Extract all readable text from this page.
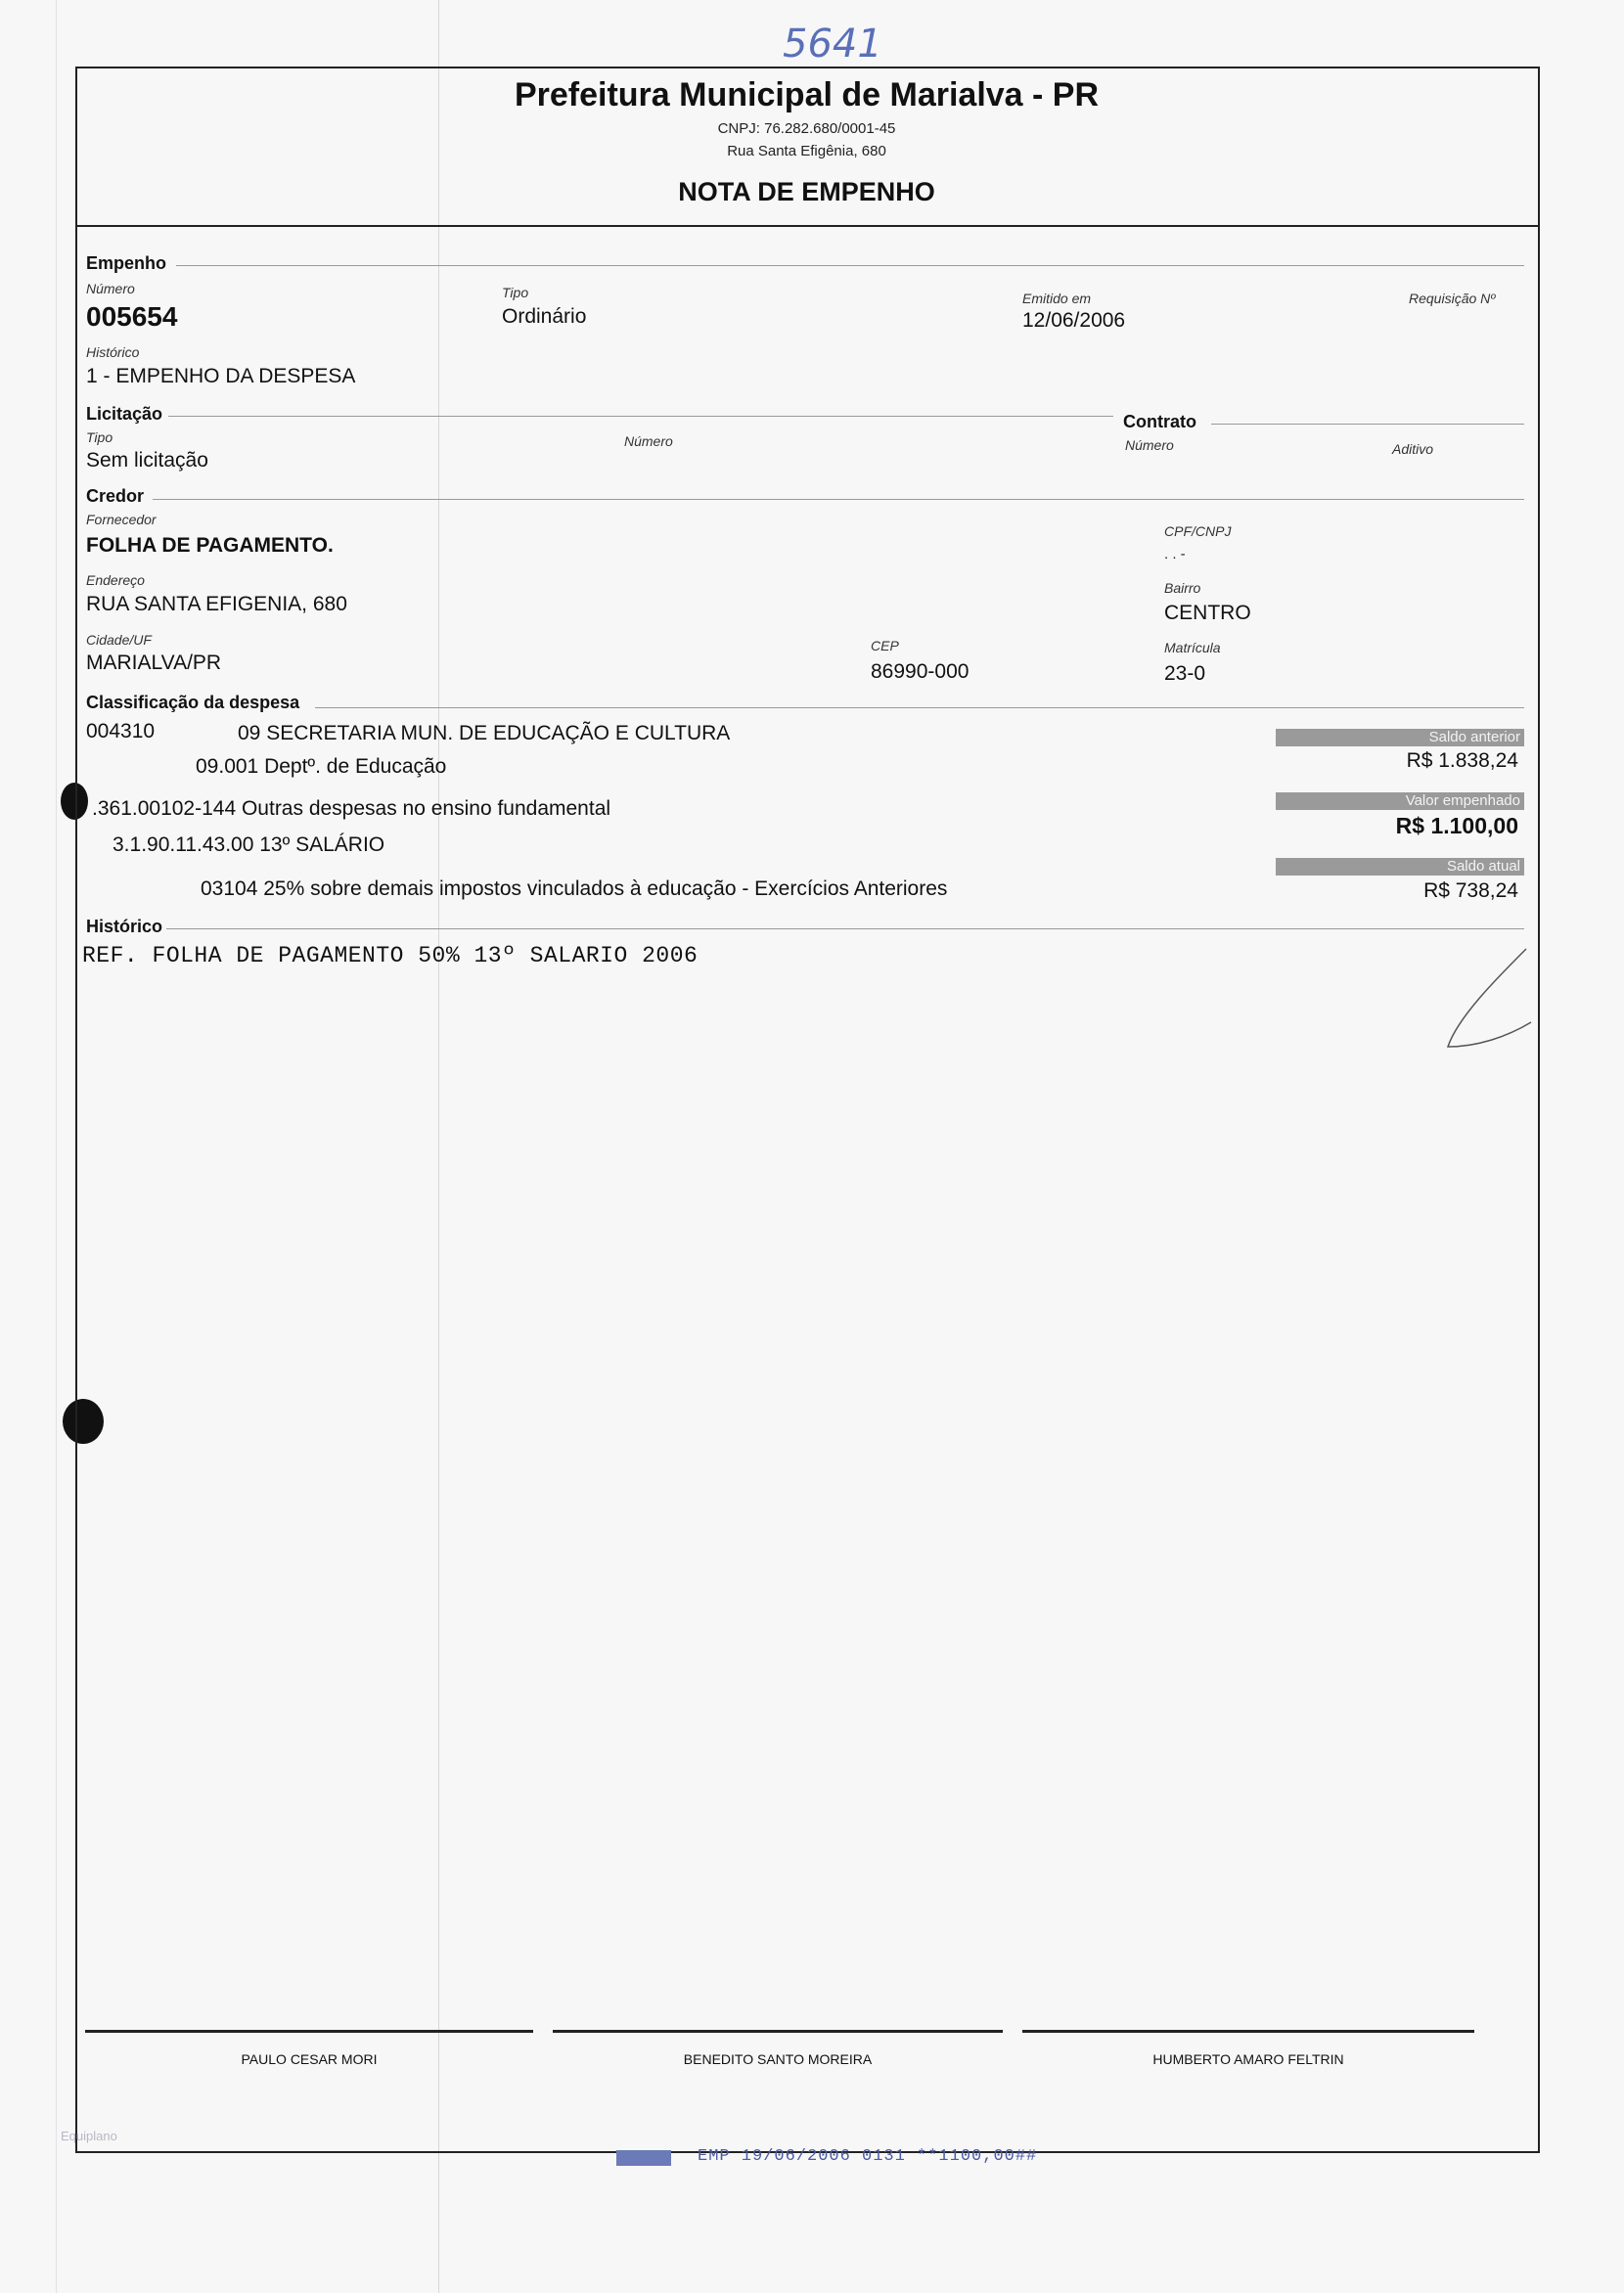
5641
Prefeitura Municipal de Marialva - PR
CNPJ: 76.282.680/0001-45
Rua Santa Efigênia, 680
NOTA DE EMPENHO
Empenho
Número
005654
Tipo
Ordinário
Emitido em
12/06/2006
Requisição Nº
Histórico
1 - EMPENHO DA DESPESA
Licitação
Tipo
Sem licitação
Número
Contrato
Número	Aditivo
Credor
Fornecedor
FOLHA DE PAGAMENTO.
CPF/CNPJ
. . -
Endereço
RUA SANTA EFIGENIA, 680
Bairro
CENTRO
Cidade/UF
MARIALVA/PR
CEP
86990-000
Matrícula
23-0
Classificação da despesa
004310	09 SECRETARIA MUN. DE EDUCAÇÃO E CULTURA
09.001 Deptº. de Educação
.361.00102-144 Outras despesas no ensino fundamental
3.1.90.11.43.00 13º SALÁRIO
03104 25% sobre demais impostos vinculados à educação - Exercícios Anteriores
Saldo anterior
R$ 1.838,24
Valor empenhado
R$ 1.100,00
Saldo atual
R$ 738,24
Histórico
REF. FOLHA DE PAGAMENTO 50% 13º SALARIO 2006
PAULO CESAR MORI	BENEDITO SANTO MOREIRA	HUMBERTO AMARO FELTRIN
Equiplano
EMP 19/06/2006 0131 **1100,00##
